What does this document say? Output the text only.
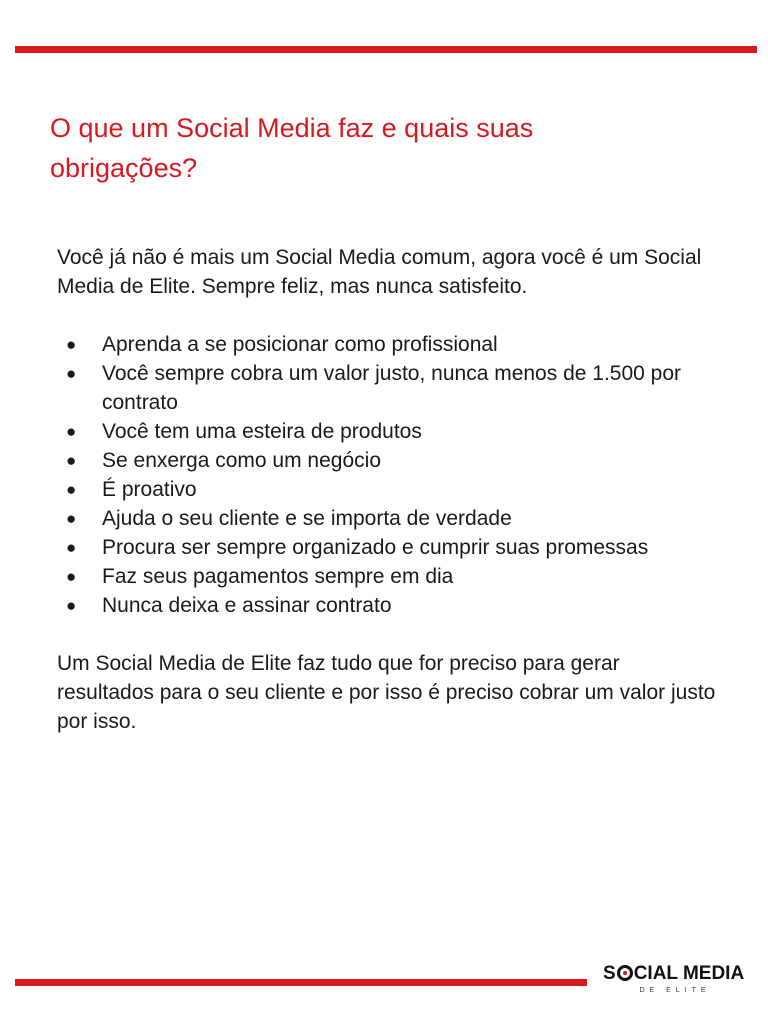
O que um Social Media faz e quais suas obrigações?

Você já não é mais um Social Media comum, agora você é um Social Media de Elite. Sempre feliz, mas nunca satisfeito.

● Aprenda a se posicionar como profissional
● Você sempre cobra um valor justo, nunca menos de 1.500 por contrato
● Você tem uma esteira de produtos
● Se enxerga como um negócio
● É proativo
● Ajuda o seu cliente e se importa de verdade
● Procura ser sempre organizado e cumprir suas promessas
● Faz seus pagamentos sempre em dia
● Nunca deixa e assinar contrato

Um Social Media de Elite faz tudo que for preciso para gerar resultados para o seu cliente e por isso é preciso cobrar um valor justo por isso.

S CIAL MEDIA
DE ELITE
